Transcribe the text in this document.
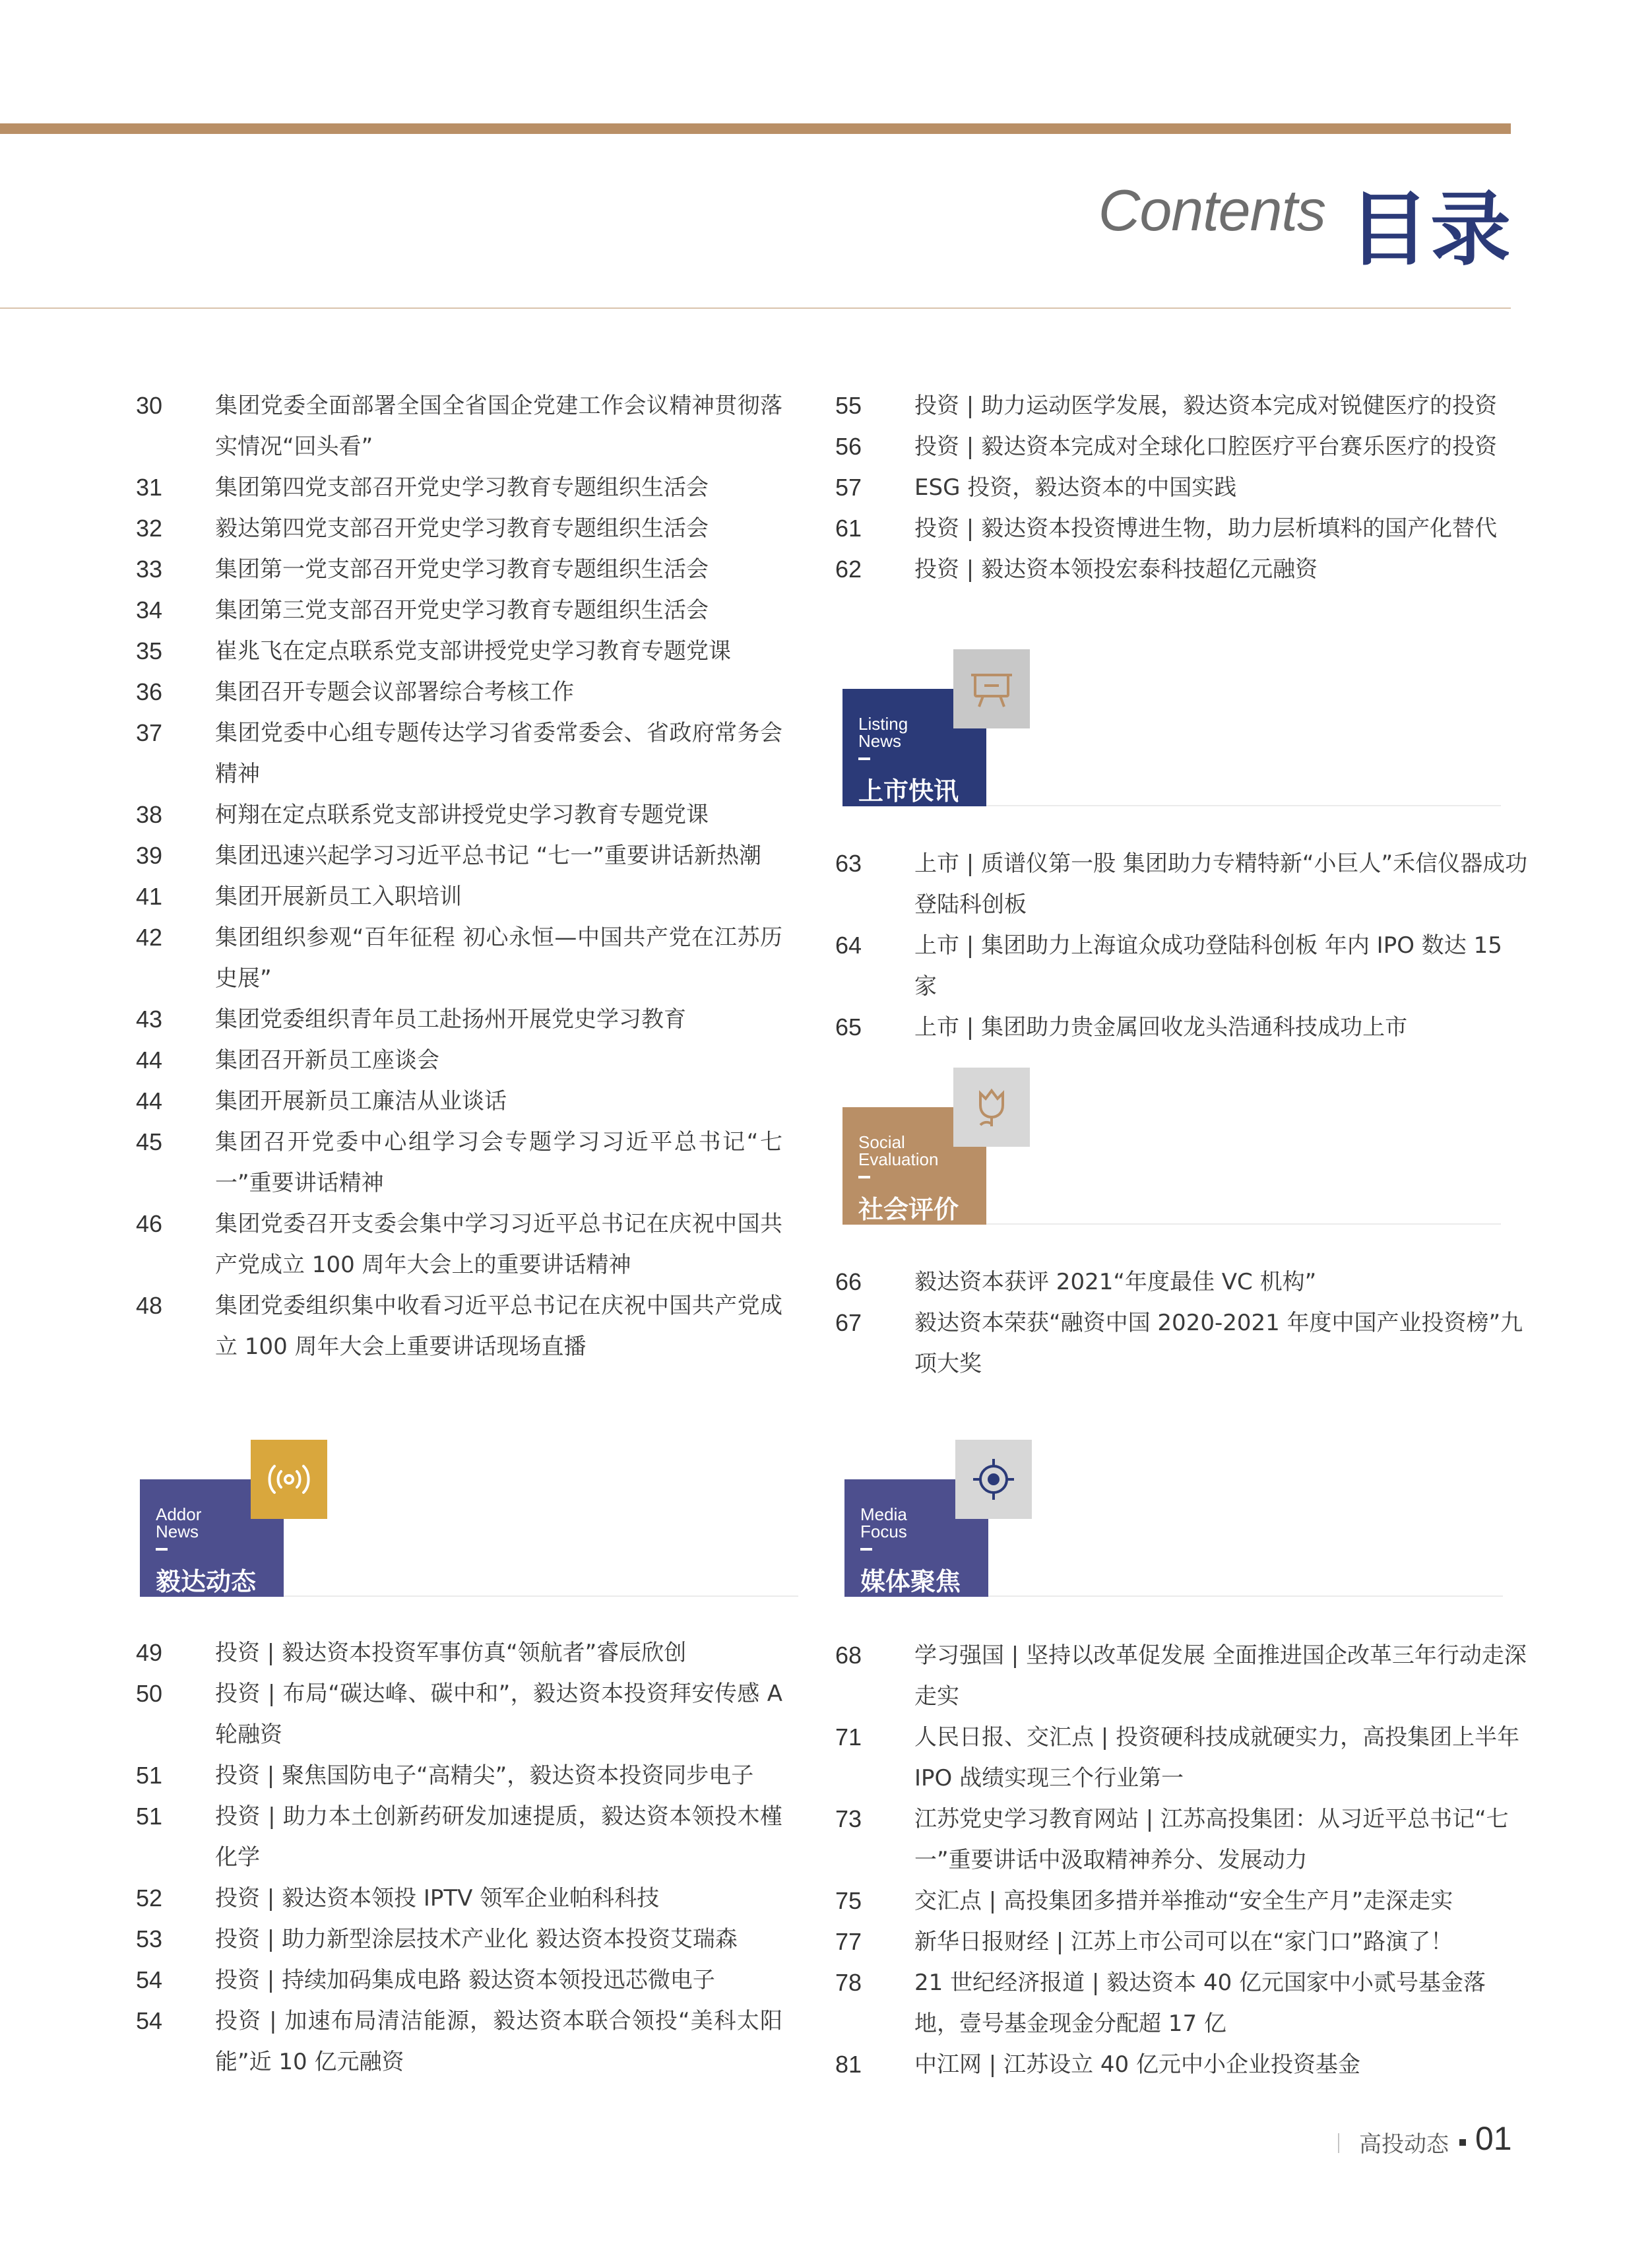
Contents 目录
30	集团党委全面部署全国全省国企党建工作会议精神贯彻落实情况“回头看”
31	集团第四党支部召开党史学习教育专题组织生活会
32	毅达第四党支部召开党史学习教育专题组织生活会
33	集团第一党支部召开党史学习教育专题组织生活会
34	集团第三党支部召开党史学习教育专题组织生活会
35	崔兆飞在定点联系党支部讲授党史学习教育专题党课
36	集团召开专题会议部署综合考核工作
37	集团党委中心组专题传达学习省委常委会、省政府常务会精神
38	柯翔在定点联系党支部讲授党史学习教育专题党课
39	集团迅速兴起学习习近平总书记 “七一”重要讲话新热潮
41	集团开展新员工入职培训
42	集团组织参观“百年征程 初心永恒—中国共产党在江苏历史展”
43	集团党委组织青年员工赴扬州开展党史学习教育
44	集团召开新员工座谈会
44	集团开展新员工廉洁从业谈话
45	集团召开党委中心组学习会专题学习习近平总书记“七一”重要讲话精神
46	集团党委召开支委会集中学习习近平总书记在庆祝中国共产党成立 100 周年大会上的重要讲话精神
48	集团党委组织集中收看习近平总书记在庆祝中国共产党成立 100 周年大会上重要讲话现场直播
55	投资 | 助力运动医学发展，毅达资本完成对锐健医疗的投资
56	投资 | 毅达资本完成对全球化口腔医疗平台赛乐医疗的投资
57	ESG 投资，毅达资本的中国实践
61	投资 | 毅达资本投资博进生物，助力层析填料的国产化替代
62	投资 | 毅达资本领投宏泰科技超亿元融资
Listing
News
上市快讯
63	上市 | 质谱仪第一股 集团助力专精特新“小巨人”禾信仪器成功登陆科创板
64	上市 | 集团助力上海谊众成功登陆科创板 年内 IPO 数达 15 家
65	上市 | 集团助力贵金属回收龙头浩通科技成功上市
Social
Evaluation
社会评价
66	毅达资本获评 2021“年度最佳 VC 机构”
67	毅达资本荣获“融资中国 2020-2021 年度中国产业投资榜”九项大奖
Addor
News
毅达动态
49	投资 | 毅达资本投资军事仿真“领航者”睿辰欣创
50	投资 | 布局“碳达峰、碳中和”，毅达资本投资拜安传感 A 轮融资
51	投资 | 聚焦国防电子“高精尖”，毅达资本投资同步电子
51	投资 | 助力本土创新药研发加速提质，毅达资本领投木槿化学
52	投资 | 毅达资本领投 IPTV 领军企业帕科科技
53	投资 | 助力新型涂层技术产业化 毅达资本投资艾瑞森
54	投资 | 持续加码集成电路 毅达资本领投迅芯微电子
54	投资 | 加速布局清洁能源，毅达资本联合领投“美科太阳能”近 10 亿元融资
Media
Focus
媒体聚焦
68	学习强国 | 坚持以改革促发展 全面推进国企改革三年行动走深走实
71	人民日报、交汇点 | 投资硬科技成就硬实力，高投集团上半年 IPO 战绩实现三个行业第一
73	江苏党史学习教育网站 | 江苏高投集团：从习近平总书记“七一”重要讲话中汲取精神养分、发展动力
75	交汇点 | 高投集团多措并举推动“安全生产月”走深走实
77	新华日报财经 | 江苏上市公司可以在“家门口”路演了！
78	21 世纪经济报道 | 毅达资本 40 亿元国家中小贰号基金落地，壹号基金现金分配超 17 亿
81	中江网 | 江苏设立 40 亿元中小企业投资基金
高投动态 01
